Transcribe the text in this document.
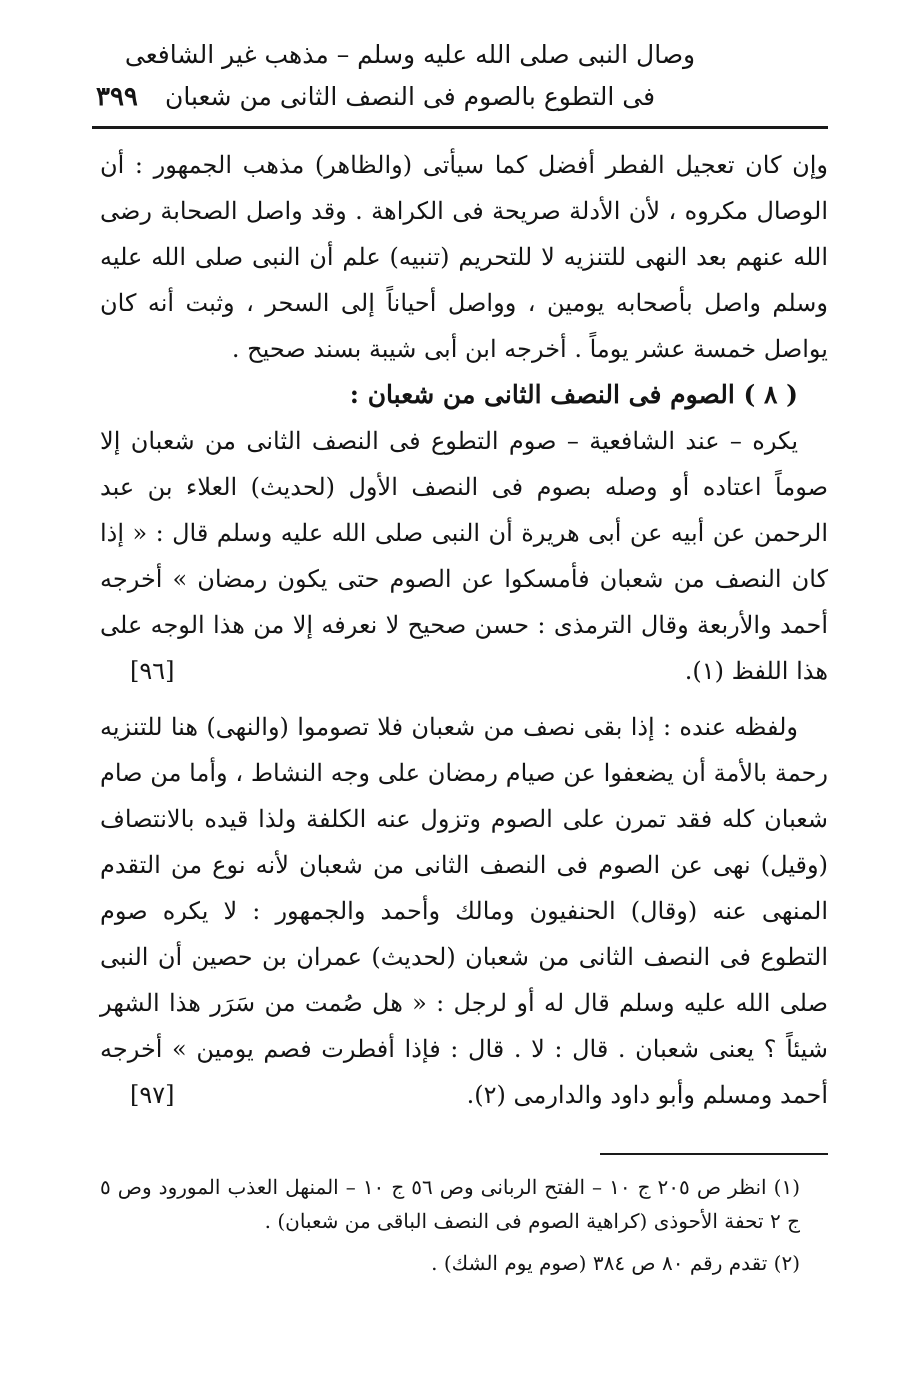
وصال النبى صلى الله عليه وسلم – مذهب غير الشافعى
فى التطوع بالصوم فى النصف الثانى من شعبان
٣٩٩

وإن كان تعجيل الفطر أفضل كما سيأتى (والظاهر) مذهب الجمهور : أن الوصال مكروه ، لأن الأدلة صريحة فى الكراهة . وقد واصل الصحابة رضى الله عنهم بعد النهى للتنزيه لا للتحريم (تنبيه) علم أن النبى صلى الله عليه وسلم واصل بأصحابه يومين ، وواصل أحياناً إلى السحر ، وثبت أنه كان يواصل خمسة عشر يوماً . أخرجه ابن أبى شيبة بسند صحيح .

( ٨ ) الصوم فى النصف الثانى من شعبان :

يكره – عند الشافعية – صوم التطوع فى النصف الثانى من شعبان إلا صوماً اعتاده أو وصله بصوم فى النصف الأول (لحديث) العلاء بن عبد الرحمن عن أبيه عن أبى هريرة أن النبى صلى الله عليه وسلم قال : « إذا كان النصف من شعبان فأمسكوا عن الصوم حتى يكون رمضان » أخرجه أحمد والأربعة وقال الترمذى : حسن صحيح لا نعرفه إلا من هذا الوجه على هذا اللفظ (١).
[٩٦]

ولفظه عنده : إذا بقى نصف من شعبان فلا تصوموا (والنهى) هنا للتنزيه رحمة بالأمة أن يضعفوا عن صيام رمضان على وجه النشاط ، وأما من صام شعبان كله فقد تمرن على الصوم وتزول عنه الكلفة ولذا قيده بالانتصاف (وقيل) نهى عن الصوم فى النصف الثانى من شعبان لأنه نوع من التقدم المنهى عنه (وقال) الحنفيون ومالك وأحمد والجمهور : لا يكره صوم التطوع فى النصف الثانى من شعبان (لحديث) عمران بن حصين أن النبى صلى الله عليه وسلم قال له أو لرجل : « هل صُمت من سَرَر هذا الشهر شيئاً ؟ يعنى شعبان . قال : لا . قال : فإذا أفطرت فصم يومين » أخرجه أحمد ومسلم وأبو داود والدارمى (٢).
[٩٧]

(١) انظر ص ٢٠٥ ج ١٠ – الفتح الربانى وص ٥٦ ج ١٠ – المنهل العذب المورود وص ٥ ج ٢ تحفة الأحوذى (كراهية الصوم فى النصف الباقى من شعبان) .

(٢) تقدم رقم ٨٠ ص ٣٨٤ (صوم يوم الشك) .
